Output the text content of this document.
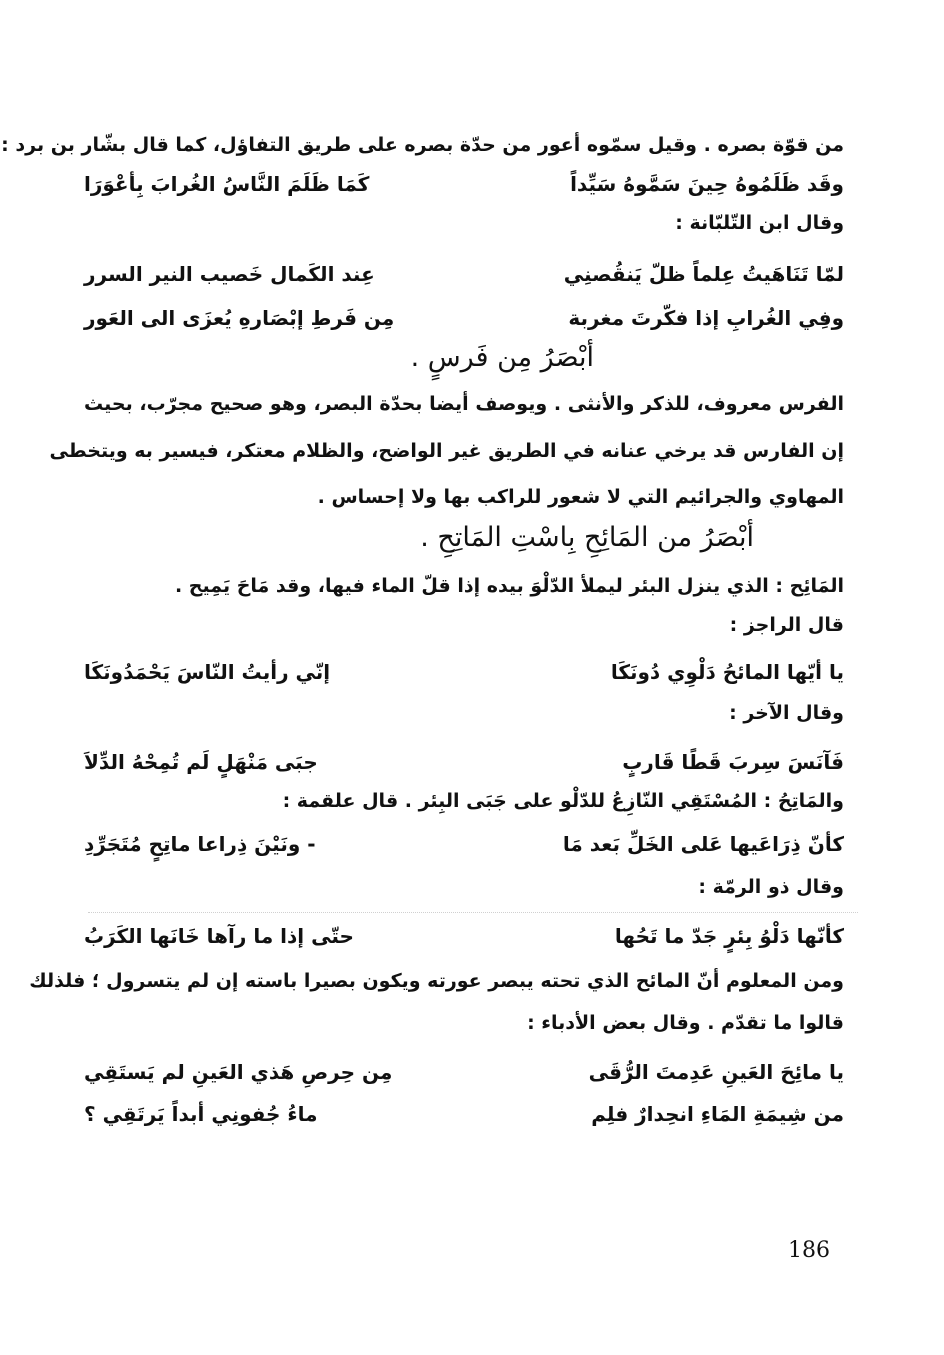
من قوّة بصره . وقيل سمّوه أعور من حدّة بصره على طريق التفاؤل، كما قال بشّار بن برد :
وقَد ظَلَمُوهُ حِينَ سَمَّوهُ سَيِّداً
كَمَا ظَلَمَ النَّاسُ الغُرابَ بِأعْوَرَا
وقال ابن التّلبّانة :
لمّا تَنَاهَيتُ عِلماً ظلّ يَنقُصنِي
عِند الكَمال خَصيب النير السرر
وفِي الغُرابِ إذا فكّرتَ مغربة
مِن فَرطِ إبْصَارهِ يُعزَى الى العَور
أبْصَرُ مِن فَرسٍ .
الفرس معروف، للذكر والأنثى . ويوصف أيضا بحدّة البصر، وهو صحيح مجرّب، بحيث
إن الفارس قد يرخي عنانه في الطريق غير الواضح، والظلام معتكر، فيسير به ويتخطى
المهاوي والجرائيم التي لا شعور للراكب بها ولا إحساس .
أبْصَرُ من المَائِحِ بِاسْتِ المَاتِحِ .
المَائِح : الذي ينزل البئر ليملأ الدّلْوَ بيده إذا قلّ الماء فيها، وقد مَاحَ يَمِيح .
قال الراجز :
يا أيّها المائحُ دَلْوِي دُونَكَا
إنّي رأيتُ النّاسَ يَحْمَدُونَكَا
وقال الآخر :
فَآنَسَ سِربَ قَطًا قَاربٍ
جبَى مَنْهَلٍ لَم تُمِحْهُ الدِّلاَ
والمَاتِحُ : المُسْتَقِي النّازِعُ للدّلْو على جَبَى البِئر . قال علقمة :
كأنّ ذِرَاعَيها عَلى الخَلِّ بَعد مَا
- ونَيْنَ ذِراعا ماتِحٍ مُتَجَرِّدِ
وقال ذو الرمّة :
كأنّها دَلْوُ بِئرٍ جَدّ ما تَحُها
حتّى إذا ما رآها خَانَها الكَرَبُ
ومن المعلوم أنّ المائح الذي تحته يبصر عورته ويكون بصيرا باسته إن لم يتسرول ؛ فلذلك
قالوا ما تقدّم . وقال بعض الأدباء :
يا مائِحَ العَينِ عَدِمتَ الرُّقَى
مِن حِرصِ هَذي العَينِ لم يَستَقِي
من شِيمَةِ المَاءِ انحِدارٌ فلِم
ماءُ جُفونِي أبداً يَرتَقِي ؟
186
